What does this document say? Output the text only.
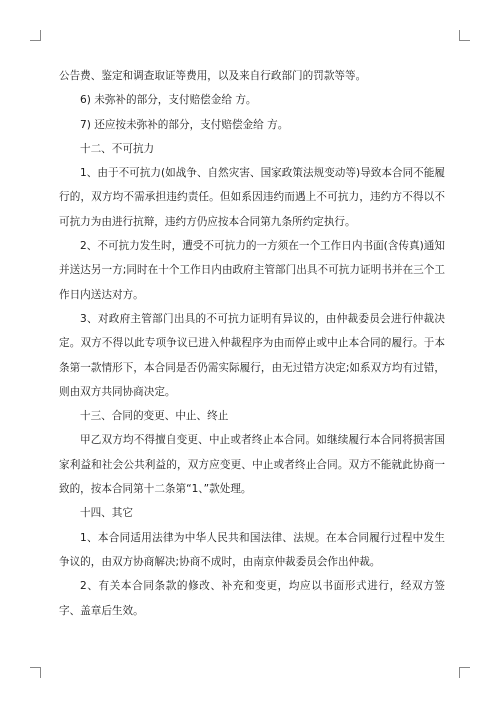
公告费、鉴定和调查取证等费用，以及来自行政部门的罚款等等。

6) 未弥补的部分，支付赔偿金给 方。

7) 还应按未弥补的部分，支付赔偿金给 方。

十二、不可抗力

1、由于不可抗力(如战争、自然灾害、国家政策法规变动等)导致本合同不能履行的，双方均不需承担违约责任。但如系因违约而遇上不可抗力，违约方不得以不可抗力为由进行抗辩，违约方仍应按本合同第九条所约定执行。

2、不可抗力发生时，遭受不可抗力的一方须在一个工作日内书面(含传真)通知并送达另一方;同时在十个工作日内由政府主管部门出具不可抗力证明书并在三个工作日内送达对方。

3、对政府主管部门出具的不可抗力证明有异议的，由仲裁委员会进行仲裁决定。双方不得以此专项争议已进入仲裁程序为由而停止或中止本合同的履行。于本条第一款情形下，本合同是否仍需实际履行，由无过错方决定;如系双方均有过错，则由双方共同协商决定。

十三、合同的变更、中止、终止

甲乙双方均不得擅自变更、中止或者终止本合同。如继续履行本合同将损害国家利益和社会公共利益的，双方应变更、中止或者终止合同。双方不能就此协商一致的，按本合同第十二条第“1、”款处理。

十四、其它

1、本合同适用法律为中华人民共和国法律、法规。在本合同履行过程中发生争议的，由双方协商解决;协商不成时，由南京仲裁委员会作出仲裁。

2、有关本合同条款的修改、补充和变更，均应以书面形式进行，经双方签字、盖章后生效。
